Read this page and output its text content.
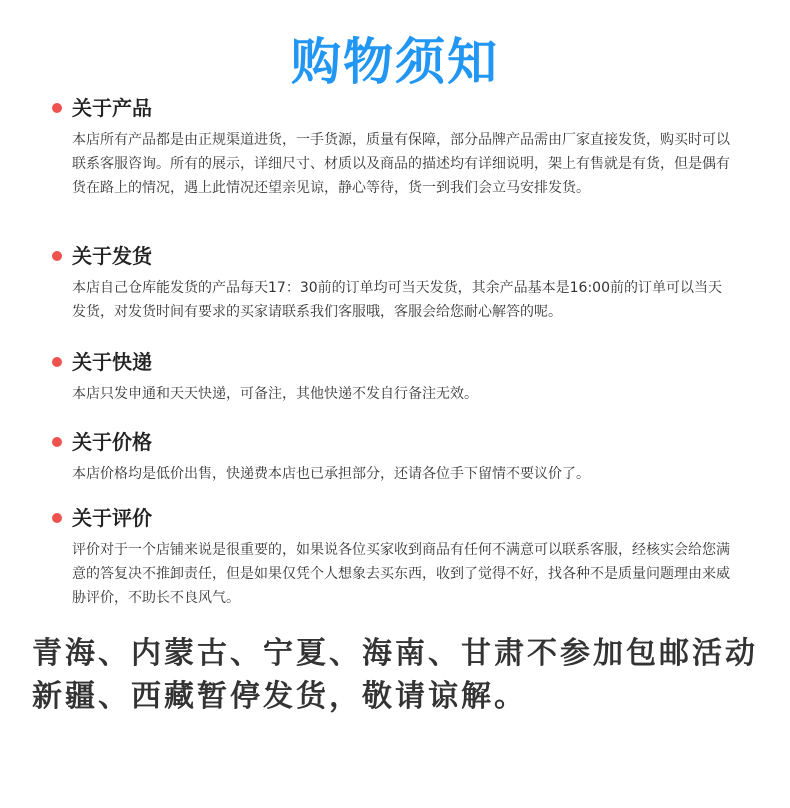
购物须知
关于产品
本店所有产品都是由正规渠道进货，一手货源，质量有保障，部分品牌产品需由厂家直接发货，购买时可以联系客服咨询。所有的展示，详细尺寸、材质以及商品的描述均有详细说明，架上有售就是有货，但是偶有货在路上的情况，遇上此情况还望亲见谅，静心等待，货一到我们会立马安排发货。
关于发货
本店自己仓库能发货的产品每天17：30前的订单均可当天发货，其余产品基本是16:00前的订单可以当天发货，对发货时间有要求的买家请联系我们客服哦，客服会给您耐心解答的呢。
关于快递
本店只发申通和天天快递，可备注，其他快递不发自行备注无效。
关于价格
本店价格均是低价出售，快递费本店也已承担部分，还请各位手下留情不要议价了。
关于评价
评价对于一个店铺来说是很重要的，如果说各位买家收到商品有任何不满意可以联系客服，经核实会给您满意的答复决不推卸责任，但是如果仅凭个人想象去买东西，收到了觉得不好，找各种不是质量问题理由来威胁评价，不助长不良风气。
青海、内蒙古、宁夏、海南、甘肃不参加包邮活动
新疆、西藏暂停发货，敬请谅解。
